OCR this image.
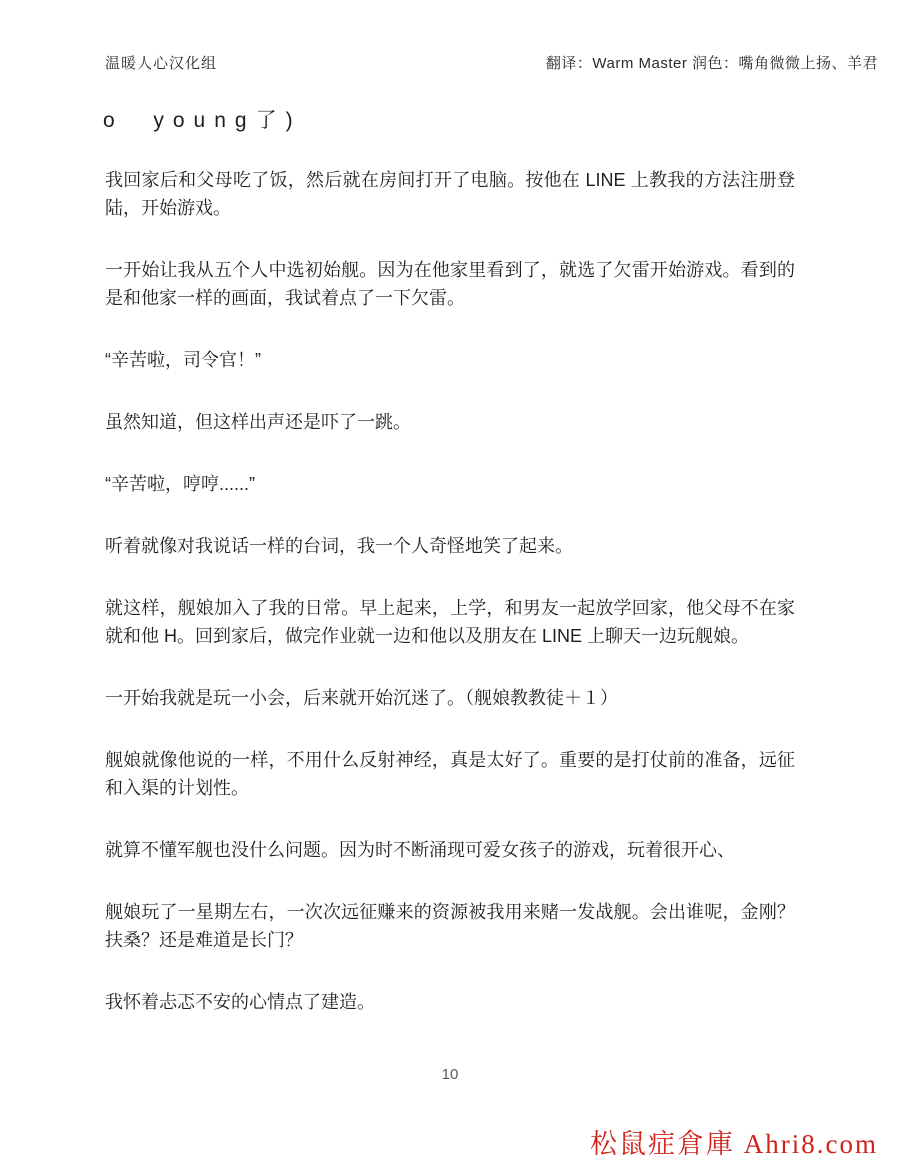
温暖人心汉化组	翻译：Warm Master 润色：嘴角微微上扬、羊君
o  young了)

我回家后和父母吃了饭，然后就在房间打开了电脑。按他在 LINE 上教我的方法注册登陆，开始游戏。

一开始让我从五个人中选初始舰。因为在他家里看到了，就选了欠雷开始游戏。看到的是和他家一样的画面，我试着点了一下欠雷。

“辛苦啦，司令官！”

虽然知道，但这样出声还是吓了一跳。

“辛苦啦，哼哼......”

听着就像对我说话一样的台词，我一个人奇怪地笑了起来。

就这样，舰娘加入了我的日常。早上起来，上学，和男友一起放学回家，他父母不在家就和他 H。回到家后，做完作业就一边和他以及朋友在 LINE 上聊天一边玩舰娘。

一开始我就是玩一小会，后来就开始沉迷了。（舰娘教教徒＋１）

舰娘就像他说的一样，不用什么反射神经，真是太好了。重要的是打仗前的准备，远征和入渠的计划性。

就算不懂军舰也没什么问题。因为时不断涌现可爱女孩子的游戏，玩着很开心、

舰娘玩了一星期左右，一次次远征赚来的资源被我用来赌一发战舰。会出谁呢，金刚？扶桑？还是难道是长门？

我怀着忐忑不安的心情点了建造。

10
松鼠症倉庫 Ahri8.com
